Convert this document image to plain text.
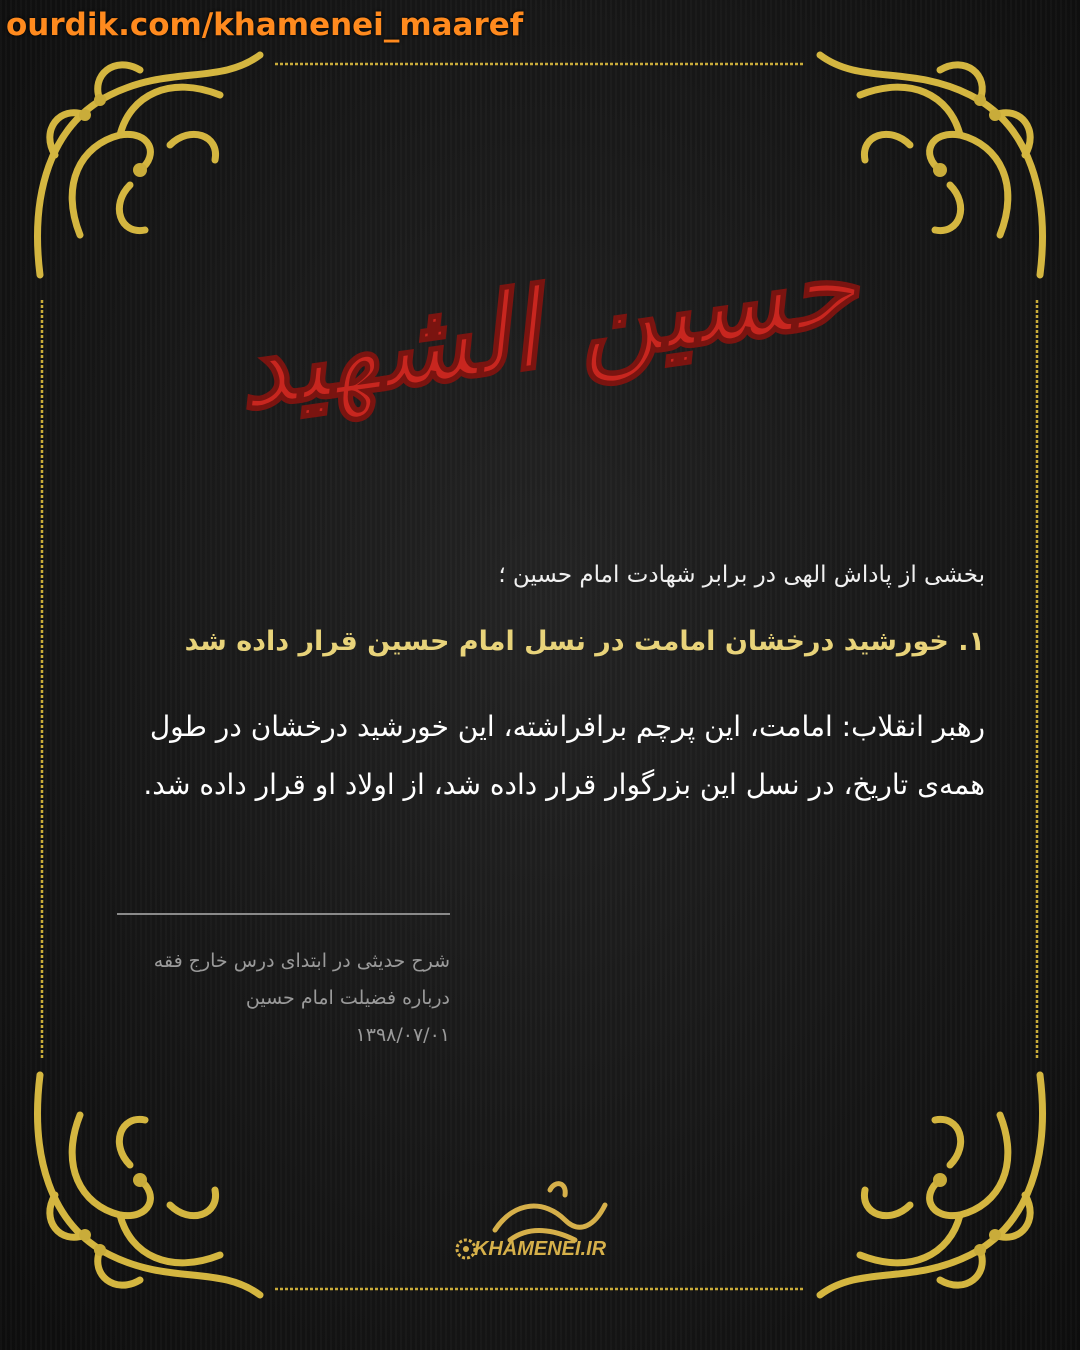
ourdik.com/khamenei_maaref
حسین الشهید
بخشی از پاداش الهی در برابر شهادت امام حسین ؛
۱. خورشید درخشان امامت در نسل امام حسین قرار داده شد
رهبر انقلاب: امامت، این پرچم برافراشته، این خورشید درخشان در طول همه‌ی تاریخ، در نسل این بزرگوار قرار داده شد، از اولاد او قرار داده شد.
شرح حدیثی در ابتدای درس خارج فقه
درباره فضیلت امام حسین
۱۳۹۸/۰۷/۰۱
KHAMENEI.IR
